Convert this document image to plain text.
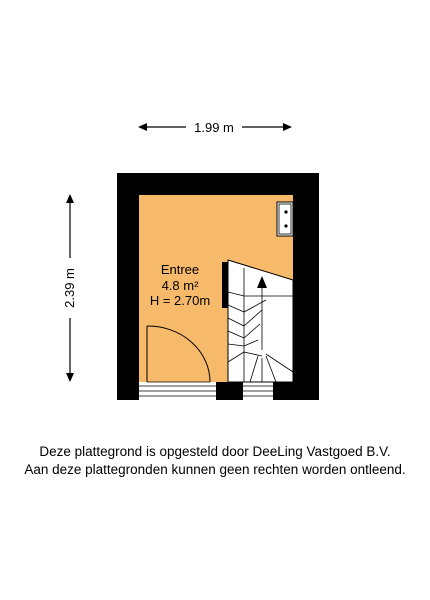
1.99 m
2.39 m	Entree
4.8 m²
H = 2.70m
Deze plattegrond is opgesteld door DeeLing Vastgoed B.V.
Aan deze plattegronden kunnen geen rechten worden ontleend.
